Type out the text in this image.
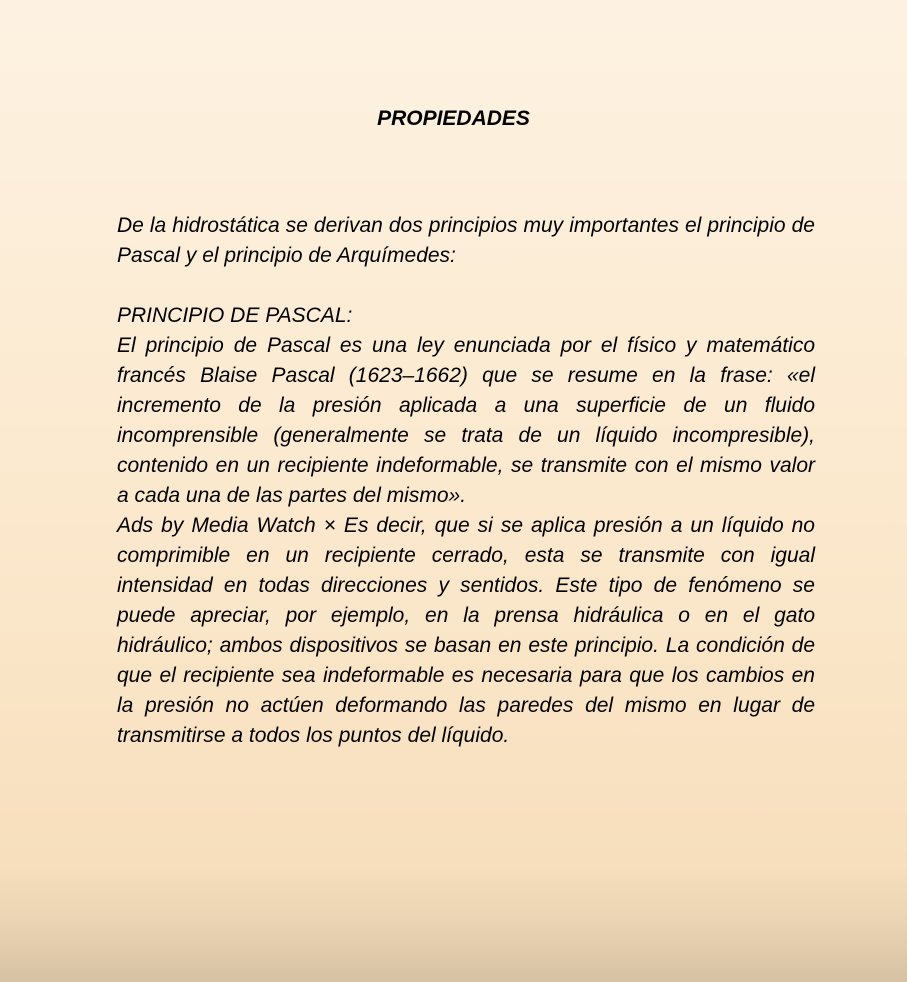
PROPIEDADES

De la hidrostática se derivan dos principios muy importantes el principio de Pascal y el principio de Arquímedes:

PRINCIPIO DE PASCAL:

El principio de Pascal es una ley enunciada por el físico y matemático francés Blaise Pascal (1623–1662) que se resume en la frase: «el incremento de la presión aplicada a una superficie de un fluido incomprensible (generalmente se trata de un líquido incompresible), contenido en un recipiente indeformable, se transmite con el mismo valor a cada una de las partes del mismo».

Ads by Media Watch × Es decir, que si se aplica presión a un líquido no comprimible en un recipiente cerrado, esta se transmite con igual intensidad en todas direcciones y sentidos. Este tipo de fenómeno se puede apreciar, por ejemplo, en la prensa hidráulica o en el gato hidráulico; ambos dispositivos se basan en este principio. La condición de que el recipiente sea indeformable es necesaria para que los cambios en la presión no actúen deformando las paredes del mismo en lugar de transmitirse a todos los puntos del líquido.
